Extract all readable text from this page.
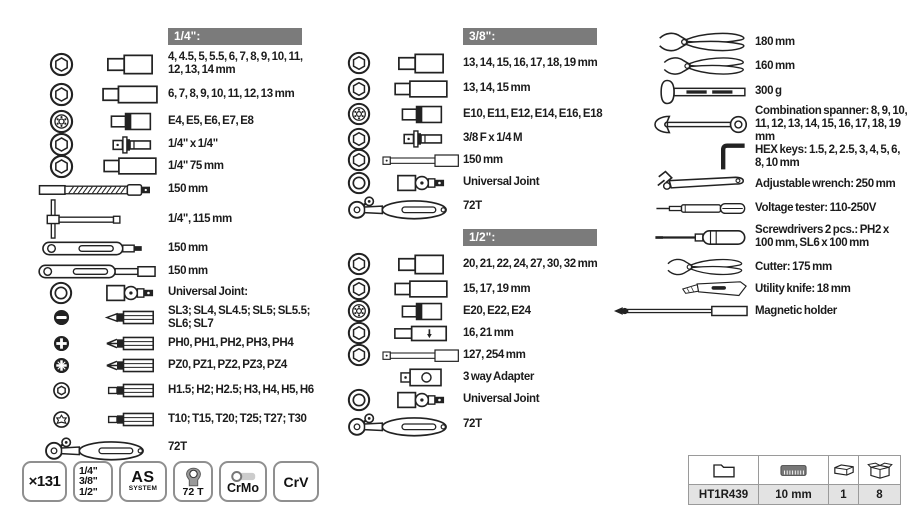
1/4":
4, 4.5, 5, 5.5, 6, 7, 8, 9, 10, 11, 12, 13, 14 mm
6, 7, 8, 9, 10, 11, 12, 13 mm
E4, E5, E6, E7, E8
1/4" x 1/4"
1/4" 75 mm
150 mm
1/4", 115 mm
150 mm
150 mm
Universal Joint:
SL3; SL4, SL4.5; SL5; SL5.5; SL6; SL7
PH0, PH1, PH2, PH3, PH4
PZ0, PZ1, PZ2, PZ3, PZ4
H1.5; H2; H2.5; H3, H4, H5, H6
T10; T15, T20; T25; T27; T30
72T
3/8":
13, 14, 15, 16, 17, 18, 19 mm
13, 14, 15 mm
E10, E11, E12, E14, E16, E18
3/8 F x 1/4 M
150 mm
Universal Joint
72T
1/2":
20, 21, 22, 24, 27, 30, 32 mm
15, 17, 19 mm
E20, E22, E24
16, 21 mm
127, 254 mm
3 way Adapter
Universal Joint
72T
180 mm
160 mm
300 g
Combination spanner: 8, 9, 10, 11, 12, 13, 14, 15, 16, 17, 18, 19 mm
HEX keys: 1.5, 2, 2.5, 3, 4, 5, 6, 8, 10 mm
Adjustable wrench: 250 mm
Voltage tester: 110-250V
Screwdrivers 2 pcs.: PH2 x 100 mm, SL6 x 100 mm
Cutter: 175 mm
Utility knife: 18 mm
Magnetic holder
×131
1/4"
3/8"
1/2"
AS
SYSTEM 72 T CrMo CrV
HT1R439	10 mm	1	8
